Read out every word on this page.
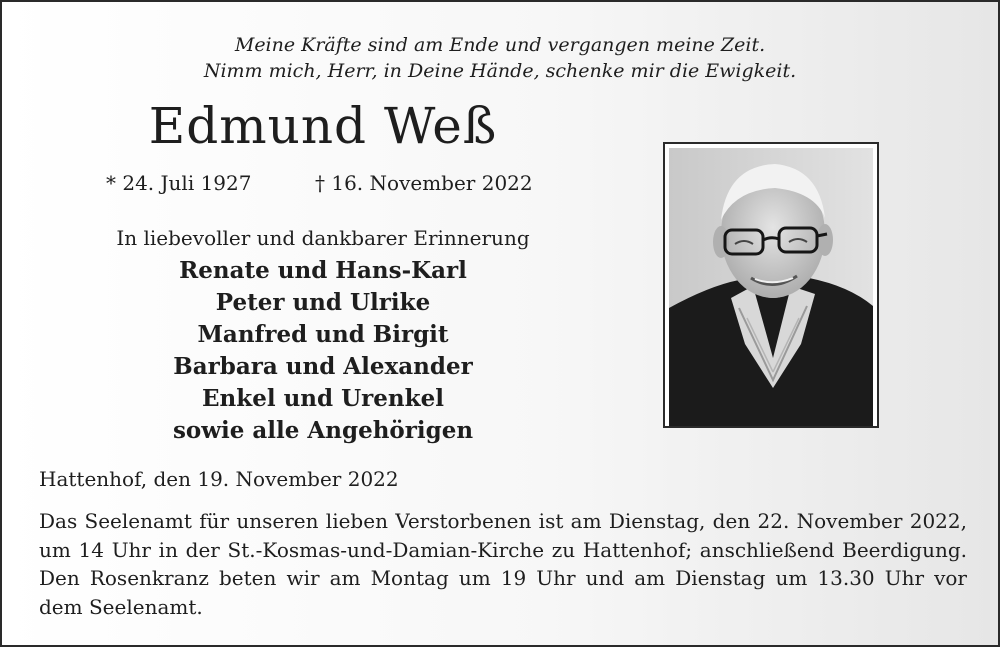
Meine Kräfte sind am Ende und vergangen meine Zeit.
Nimm mich, Herr, in Deine Hände, schenke mir die Ewigkeit.
Edmund Weß
* 24. Juli 1927	† 16. November 2022
In liebevoller und dankbarer Erinnerung
Renate und Hans-Karl
Peter und Ulrike
Manfred und Birgit
Barbara und Alexander
Enkel und Urenkel
sowie alle Angehörigen
Hattenhof, den 19. November 2022
Das Seelenamt für unseren lieben Verstorbenen ist am Dienstag, den 22. November 2022,
um 14 Uhr in der St.-Kosmas-und-Damian-Kirche zu Hattenhof; anschließend Beerdigung.
Den Rosenkranz beten wir am Montag um 19 Uhr und am Dienstag um 13.30 Uhr vor
dem Seelenamt.
